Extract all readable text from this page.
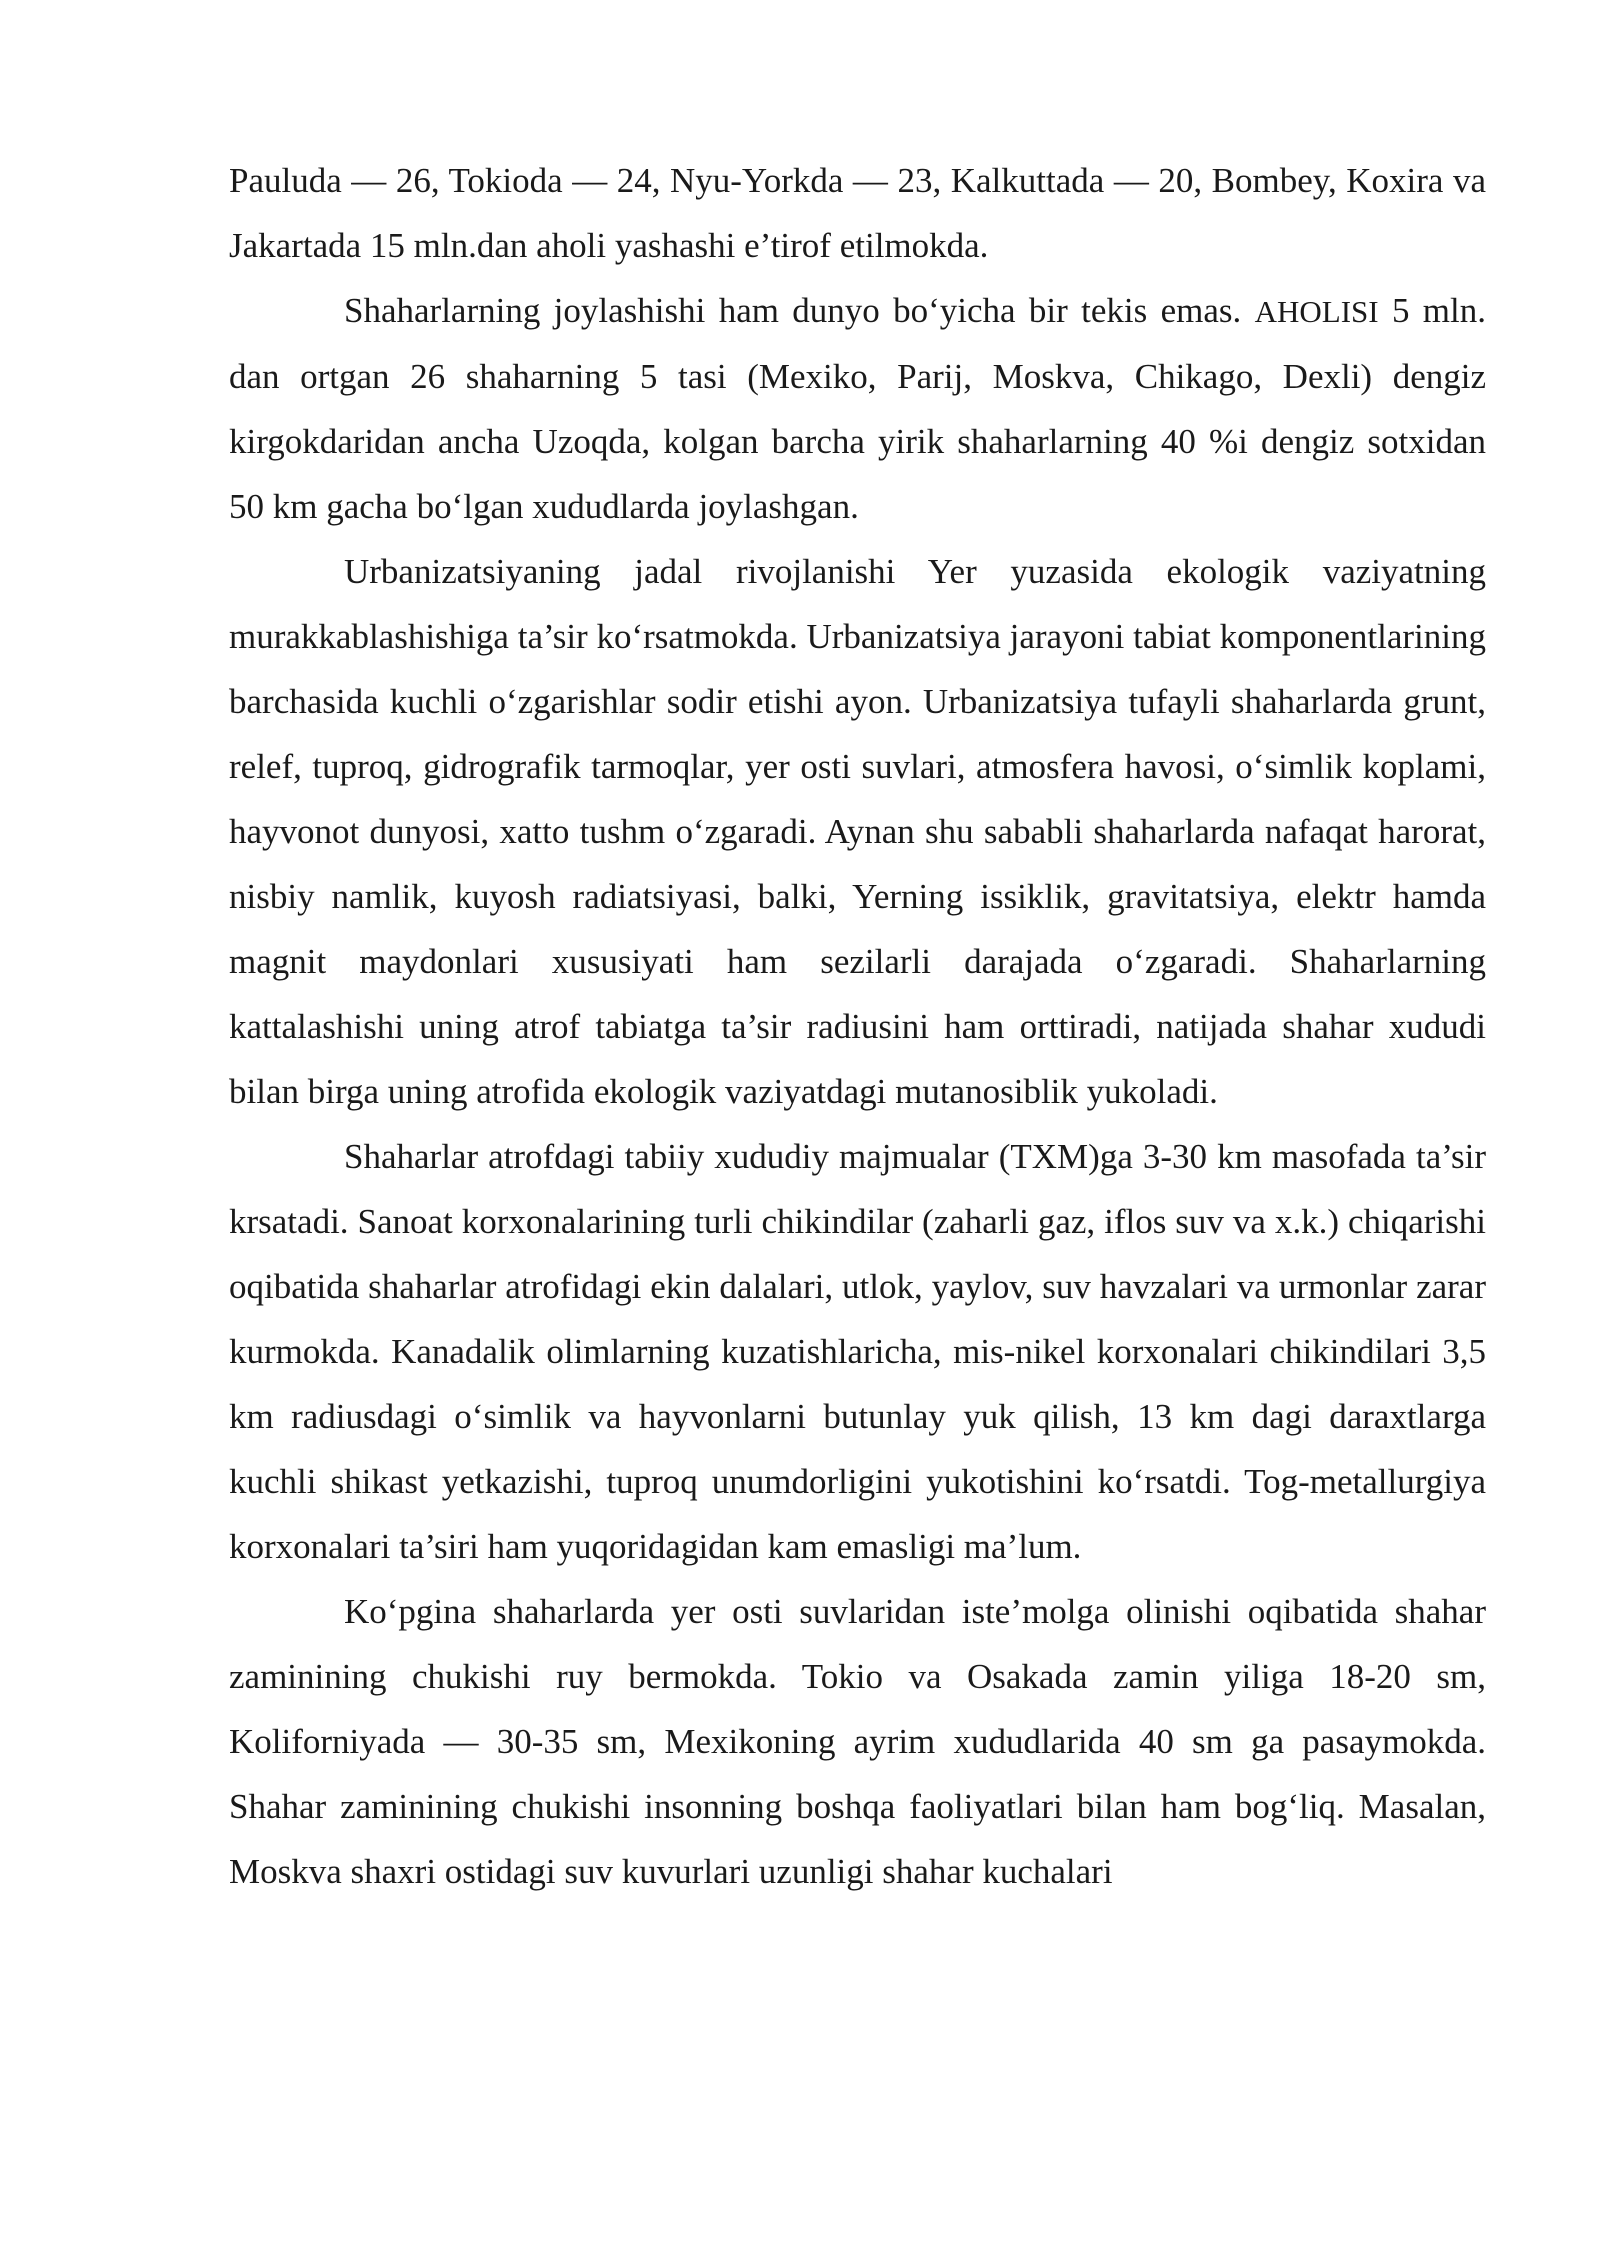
Pauluda — 26, Tokioda — 24, Nyu-Yorkda — 23, Kalkuttada — 20, Bombey, Koxira va Jakartada 15 mln.dan aholi yashashi e’tirof etilmokda.

Shaharlarning joylashishi ham dunyo bo‘yicha bir tekis emas. AHOLISI 5 mln. dan ortgan 26 shaharning 5 tasi (Mexiko, Parij, Moskva, Chikago, Dexli) dengiz kirgokdaridan ancha Uzoqda, kolgan barcha yirik shaharlarning 40 %i dengiz sotxidan 50 km gacha bo‘lgan xududlarda joylashgan.

Urbanizatsiyaning jadal rivojlanishi Yer yuzasida ekologik vaziyatning murakkablashishiga ta’sir ko‘rsatmokda. Urbanizatsiya jarayoni tabiat komponentlarining barchasida kuchli o‘zgarishlar sodir etishi ayon. Urbanizatsiya tufayli shaharlarda grunt, relef, tuproq, gidrografik tarmoqlar, yer osti suvlari, atmosfera havosi, o‘simlik koplami, hayvonot dunyosi, xatto tushm o‘zgaradi. Aynan shu sababli shaharlarda nafaqat harorat, nisbiy namlik, kuyosh radiatsiyasi, balki, Yerning issiklik, gravitatsiya, elektr hamda magnit maydonlari xususiyati ham sezilarli darajada o‘zgaradi. Shaharlarning kattalashishi uning atrof tabiatga ta’sir radiusini ham orttiradi, natijada shahar xududi bilan birga uning atrofida ekologik vaziyatdagi mutanosiblik yukoladi.

Shaharlar atrofdagi tabiiy xududiy majmualar (TXM)ga 3-30 km masofada ta’sir krsatadi. Sanoat korxonalarining turli chikindilar (zaharli gaz, iflos suv va x.k.) chiqarishi oqibatida shaharlar atrofidagi ekin dalalari, utlok, yaylov, suv havzalari va urmonlar zarar kurmokda. Kanadalik olimlarning kuzatishlaricha, mis-nikel korxonalari chikindilari 3,5 km radiusdagi o‘simlik va hayvonlarni butunlay yuk qilish, 13 km dagi daraxtlarga kuchli shikast yetkazishi, tuproq unumdorligini yukotishini ko‘rsatdi. Tog-metallurgiya korxonalari ta’siri ham yuqoridagidan kam emasligi ma’lum.

Ko‘pgina shaharlarda yer osti suvlaridan iste’molga olinishi oqibatida shahar zaminining chukishi ruy bermokda. Tokio va Osakada zamin yiliga 18-20 sm, Koliforniyada — 30-35 sm, Mexikoning ayrim xududlarida 40 sm ga pasaymokda. Shahar zaminining chukishi insonning boshqa faoliyatlari bilan ham bog‘liq. Masalan, Moskva shaxri ostidagi suv kuvurlari uzunligi shahar kuchalari
